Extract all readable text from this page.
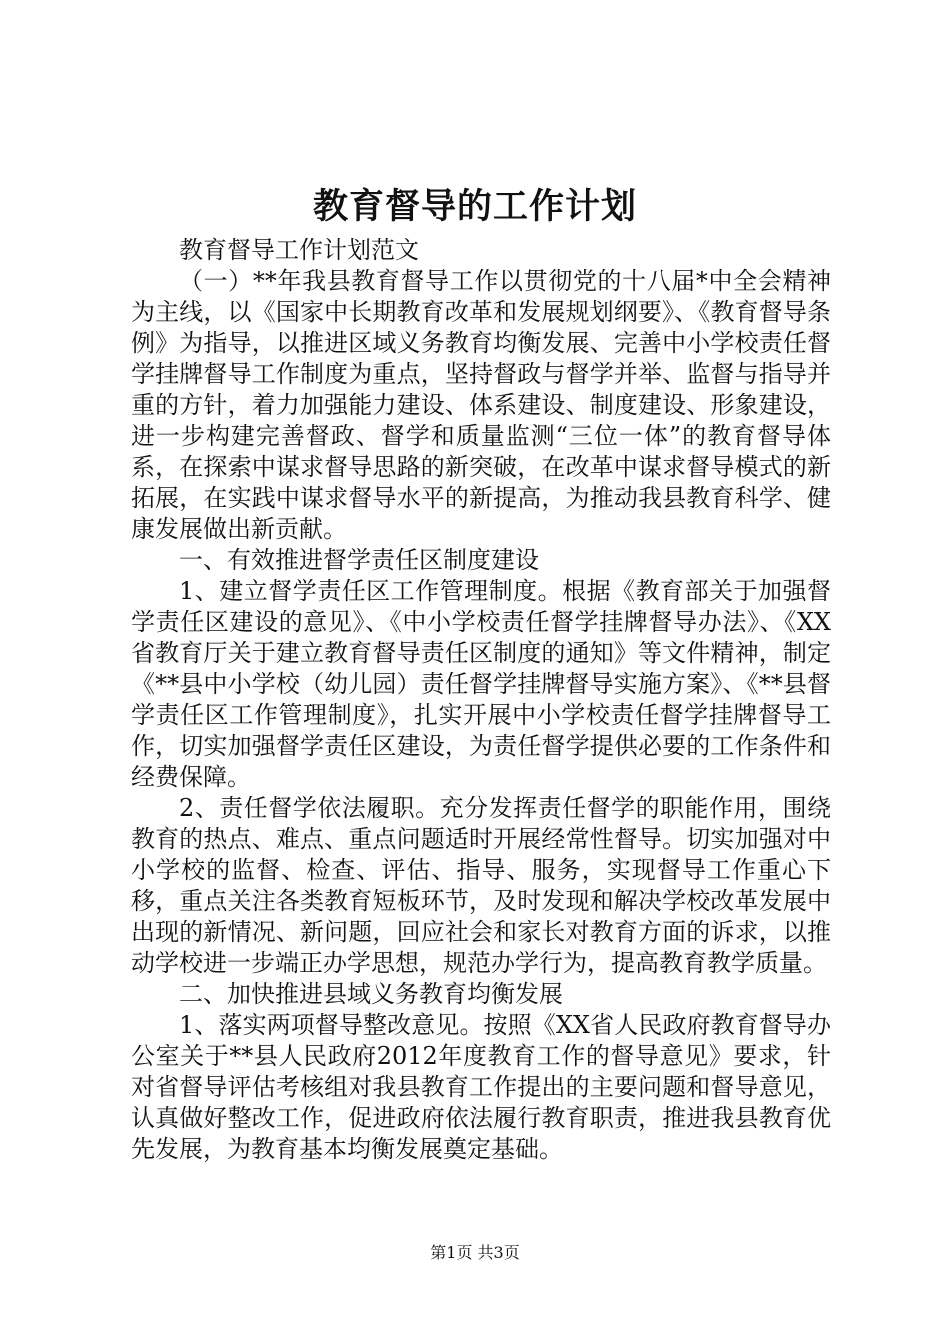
教育督导的工作计划

教育督导工作计划范文

（一）**年我县教育督导工作以贯彻党的十八届*中全会精神为主线，以《国家中长期教育改革和发展规划纲要》、《教育督导条例》为指导，以推进区域义务教育均衡发展、完善中小学校责任督学挂牌督导工作制度为重点，坚持督政与督学并举、监督与指导并重的方针，着力加强能力建设、体系建设、制度建设、形象建设，进一步构建完善督政、督学和质量监测“三位一体”的教育督导体系，在探索中谋求督导思路的新突破，在改革中谋求督导模式的新拓展，在实践中谋求督导水平的新提高，为推动我县教育科学、健康发展做出新贡献。

一、有效推进督学责任区制度建设

1、建立督学责任区工作管理制度。根据《教育部关于加强督学责任区建设的意见》、《中小学校责任督学挂牌督导办法》、《XX省教育厅关于建立教育督导责任区制度的通知》等文件精神，制定《**县中小学校（幼儿园）责任督学挂牌督导实施方案》、《**县督学责任区工作管理制度》，扎实开展中小学校责任督学挂牌督导工作，切实加强督学责任区建设，为责任督学提供必要的工作条件和经费保障。

2、责任督学依法履职。充分发挥责任督学的职能作用，围绕教育的热点、难点、重点问题适时开展经常性督导。切实加强对中小学校的监督、检查、评估、指导、服务，实现督导工作重心下移，重点关注各类教育短板环节，及时发现和解决学校改革发展中出现的新情况、新问题，回应社会和家长对教育方面的诉求，以推动学校进一步端正办学思想，规范办学行为，提高教育教学质量。

二、加快推进县域义务教育均衡发展

1、落实两项督导整改意见。按照《XX省人民政府教育督导办公室关于**县人民政府2012年度教育工作的督导意见》要求，针对省督导评估考核组对我县教育工作提出的主要问题和督导意见，认真做好整改工作，促进政府依法履行教育职责，推进我县教育优先发展，为教育基本均衡发展奠定基础。

第1页 共3页
